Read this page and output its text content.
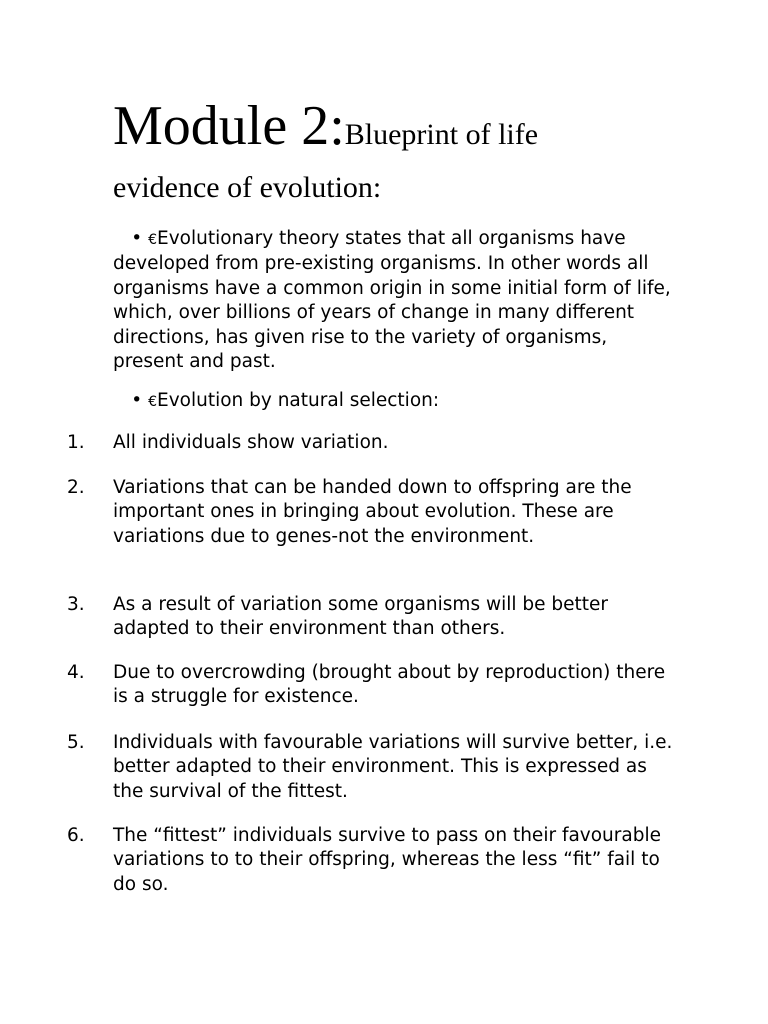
Module 2:Blueprint of life
evidence of evolution:

• €Evolutionary theory states that all organisms have developed from pre-existing organisms. In other words all organisms have a common origin in some initial form of life, which, over billions of years of change in many different directions, has given rise to the variety of organisms, present and past.

• €Evolution by natural selection:

1. All individuals show variation.
2. Variations that can be handed down to offspring are the important ones in bringing about evolution. These are variations due to genes-not the environment.
3. As a result of variation some organisms will be better adapted to their environment than others.
4. Due to overcrowding (brought about by reproduction) there is a struggle for existence.
5. Individuals with favourable variations will survive better, i.e. better adapted to their environment. This is expressed as the survival of the fittest.
6. The “fittest” individuals survive to pass on their favourable variations to to their offspring, whereas the less “fit” fail to do so.
